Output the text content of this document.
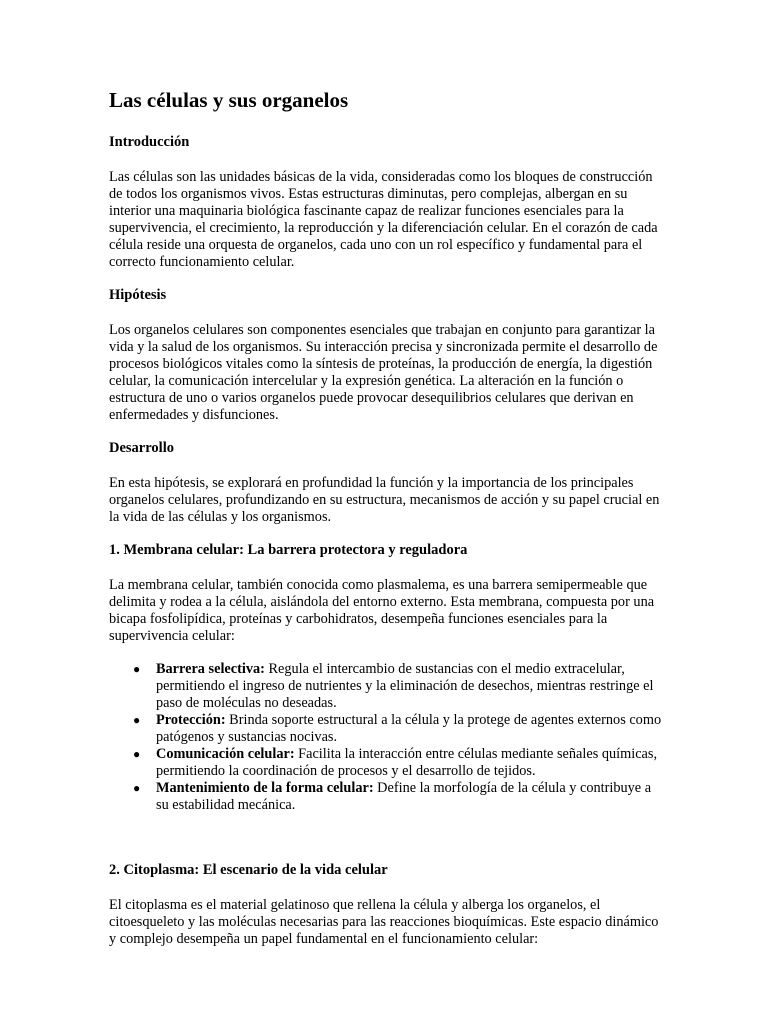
Las células y sus organelos
Introducción

Las células son las unidades básicas de la vida, consideradas como los bloques de construcción de todos los organismos vivos. Estas estructuras diminutas, pero complejas, albergan en su interior una maquinaria biológica fascinante capaz de realizar funciones esenciales para la supervivencia, el crecimiento, la reproducción y la diferenciación celular. En el corazón de cada célula reside una orquesta de organelos, cada uno con un rol específico y fundamental para el correcto funcionamiento celular.

Hipótesis

Los organelos celulares son componentes esenciales que trabajan en conjunto para garantizar la vida y la salud de los organismos. Su interacción precisa y sincronizada permite el desarrollo de procesos biológicos vitales como la síntesis de proteínas, la producción de energía, la digestión celular, la comunicación intercelular y la expresión genética. La alteración en la función o estructura de uno o varios organelos puede provocar desequilibrios celulares que derivan en enfermedades y disfunciones.

Desarrollo

En esta hipótesis, se explorará en profundidad la función y la importancia de los principales organelos celulares, profundizando en su estructura, mecanismos de acción y su papel crucial en la vida de las células y los organismos.

1. Membrana celular: La barrera protectora y reguladora

La membrana celular, también conocida como plasmalema, es una barrera semipermeable que delimita y rodea a la célula, aislándola del entorno externo. Esta membrana, compuesta por una bicapa fosfolipídica, proteínas y carbohidratos, desempeña funciones esenciales para la supervivencia celular:

● Barrera selectiva: Regula el intercambio de sustancias con el medio extracelular, permitiendo el ingreso de nutrientes y la eliminación de desechos, mientras restringe el paso de moléculas no deseadas.
● Protección: Brinda soporte estructural a la célula y la protege de agentes externos como patógenos y sustancias nocivas.
● Comunicación celular: Facilita la interacción entre células mediante señales químicas, permitiendo la coordinación de procesos y el desarrollo de tejidos.
● Mantenimiento de la forma celular: Define la morfología de la célula y contribuye a su estabilidad mecánica.
2. Citoplasma: El escenario de la vida celular

El citoplasma es el material gelatinoso que rellena la célula y alberga los organelos, el citoesqueleto y las moléculas necesarias para las reacciones bioquímicas. Este espacio dinámico y complejo desempeña un papel fundamental en el funcionamiento celular:
